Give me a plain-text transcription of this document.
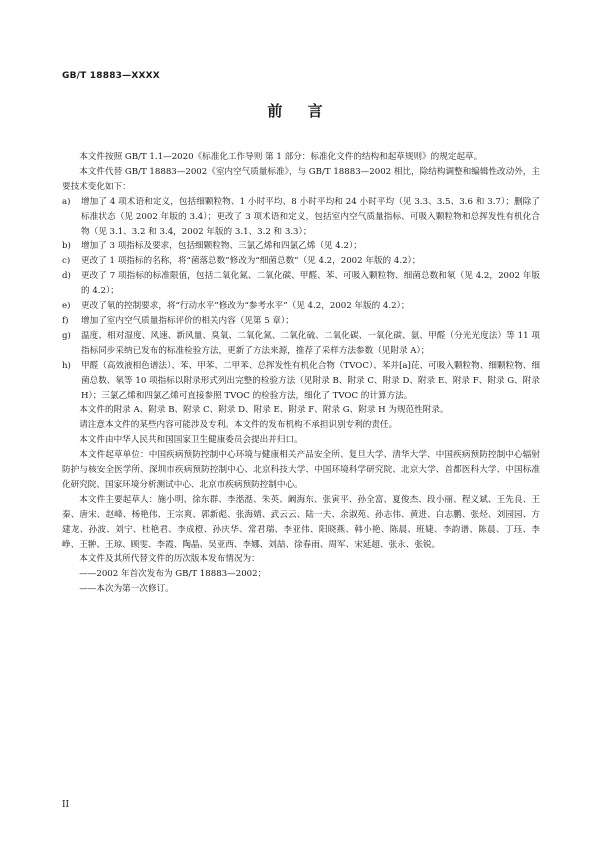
GB/T 18883—XXXX
前 言

本文件按照 GB/T 1.1—2020《标准化工作导则 第 1 部分：标准化文件的结构和起草规则》的规定起草。

本文件代替 GB/T 18883—2002《室内空气质量标准》，与 GB/T 18883—2002 相比，除结构调整和编辑性改动外，主要技术变化如下：

a) 增加了 4 项术语和定义，包括细颗粒物、1 小时平均、8 小时平均和 24 小时平均（见 3.3、3.5、3.6 和 3.7）；删除了标准状态（见 2002 年版的 3.4）；更改了 3 项术语和定义，包括室内空气质量指标、可吸入颗粒物和总挥发性有机化合物（见 3.1、3.2 和 3.4，2002 年版的 3.1、3.2 和 3.3）；
b) 增加了 3 项指标及要求，包括细颗粒物、三氯乙烯和四氯乙烯（见 4.2）；
c) 更改了 1 项指标的名称，将“菌落总数”修改为“细菌总数”（见 4.2，2002 年版的 4.2）；
d) 更改了 7 项指标的标准限值，包括二氧化氮、二氧化碳、甲醛、苯、可吸入颗粒物、细菌总数和氡（见 4.2，2002 年版的 4.2）；
e) 更改了氡的控制要求，将“行动水平”修改为“参考水平”（见 4.2，2002 年版的 4.2）；
f) 增加了室内空气质量指标评价的相关内容（见第 5 章）；
g) 温度、相对湿度、风速、新风量、臭氧、二氧化氮、二氧化硫、二氧化碳、一氧化碳、氨、甲醛（分光光度法）等 11 项指标同步采纳已发布的标准检验方法，更新了方法来源，推荐了采样方法参数（见附录 A）；
h) 甲醛（高效液相色谱法）、苯、甲苯、二甲苯、总挥发性有机化合物（TVOC）、苯并[a]芘、可吸入颗粒物、细颗粒物、细菌总数、氡等 10 项指标以附录形式列出完整的检验方法（见附录 B、附录 C、附录 D、附录 E、附录 F、附录 G、附录 H）；三氯乙烯和四氯乙烯可直接参照 TVOC 的检验方法，细化了 TVOC 的计算方法。

本文件的附录 A、附录 B、附录 C、附录 D、附录 E、附录 F、附录 G、附录 H 为规范性附录。

请注意本文件的某些内容可能涉及专利。本文件的发布机构不承担识别专利的责任。

本文件由中华人民共和国国家卫生健康委员会提出并归口。

本文件起草单位：中国疾病预防控制中心环境与健康相关产品安全所、复旦大学、清华大学、中国疾病预防控制中心辐射防护与核安全医学所、深圳市疾病预防控制中心、北京科技大学、中国环境科学研究院、北京大学、首都医科大学、中国标准化研究院、国家环境分析测试中心、北京市疾病预防控制中心。

本文件主要起草人：施小明、徐东群、李湉湉、朱英、阚海东、张寅平、孙全富、夏俊杰、段小丽、程义斌、王先良、王秦、唐宋、赵峰、杨艳伟、王宗爽、郭新彪、张海婧、武云云、陆一夫、余淑苑、孙志伟、黄进、白志鹏、张烃、刘园园、方建龙、孙波、刘宁、杜艳君、李成橙、孙庆华、常君瑞、李亚伟、阳晓燕、韩小艳、陈晨、班婕、李韵谱、陈晨、丁珏、李峥、王翀、王琼、顾雯、李霞、陶晶、吴亚西、李娜、刘喆、徐春雨、周军、宋延超、张永、张锐。

本文件及其所代替文件的历次版本发布情况为：

——2002 年首次发布为 GB/T 18883—2002；

——本次为第一次修订。

II
